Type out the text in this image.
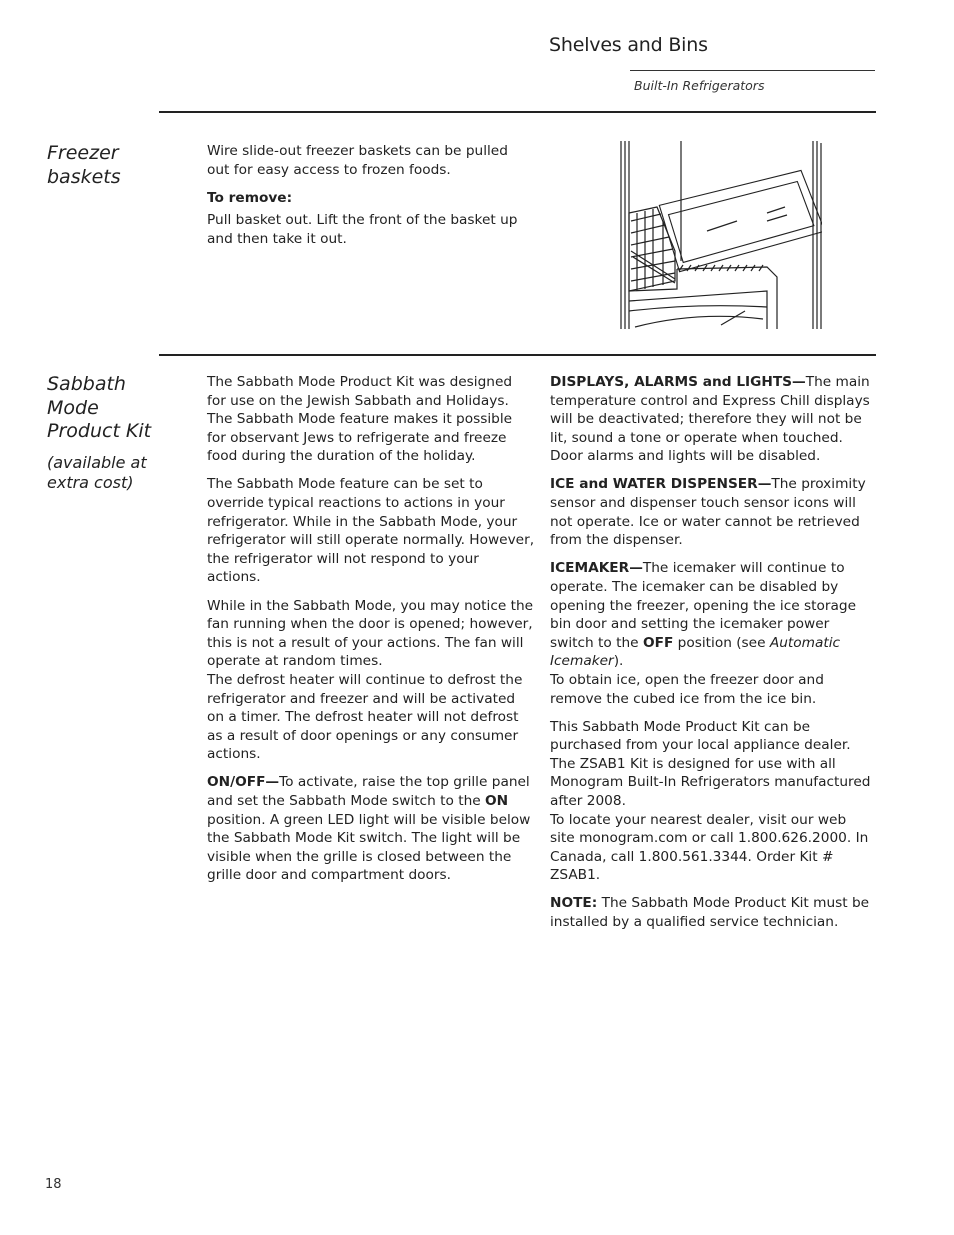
Shelves and Bins
Built-In Refrigerators
Freezer
baskets

Wire slide-out freezer baskets can be pulled out for easy access to frozen foods.

To remove:

Pull basket out. Lift the front of the basket up and then take it out.

Sabbath
Mode
Product Kit
(available at
extra cost)

The Sabbath Mode Product Kit was designed for use on the Jewish Sabbath and Holidays. The Sabbath Mode feature makes it possible for observant Jews to refrigerate and freeze food during the duration of the holiday.

The Sabbath Mode feature can be set to override typical reactions to actions in your refrigerator. While in the Sabbath Mode, your refrigerator will still operate normally. However, the refrigerator will not respond to your actions.

While in the Sabbath Mode, you may notice the fan running when the door is opened; however, this is not a result of your actions. The fan will operate at random times.
The defrost heater will continue to defrost the refrigerator and freezer and will be activated on a timer. The defrost heater will not defrost as a result of door openings or any consumer actions.

ON/OFF—To activate, raise the top grille panel and set the Sabbath Mode switch to the ON position. A green LED light will be visible below the Sabbath Mode Kit switch. The light will be visible when the grille is closed between the grille door and compartment doors.

DISPLAYS, ALARMS and LIGHTS—The main temperature control and Express Chill displays will be deactivated; therefore they will not be lit, sound a tone or operate when touched. Door alarms and lights will be disabled.

ICE and WATER DISPENSER—The proximity sensor and dispenser touch sensor icons will not operate. Ice or water cannot be retrieved from the dispenser.

ICEMAKER—The icemaker will continue to operate. The icemaker can be disabled by opening the freezer, opening the ice storage bin door and setting the icemaker power switch to the OFF position (see Automatic Icemaker).
To obtain ice, open the freezer door and remove the cubed ice from the ice bin.

This Sabbath Mode Product Kit can be purchased from your local appliance dealer. The ZSAB1 Kit is designed for use with all Monogram Built-In Refrigerators manufactured after 2008.
To locate your nearest dealer, visit our web site monogram.com or call 1.800.626.2000. In Canada, call 1.800.561.3344. Order Kit # ZSAB1.

NOTE: The Sabbath Mode Product Kit must be installed by a qualified service technician.

18
